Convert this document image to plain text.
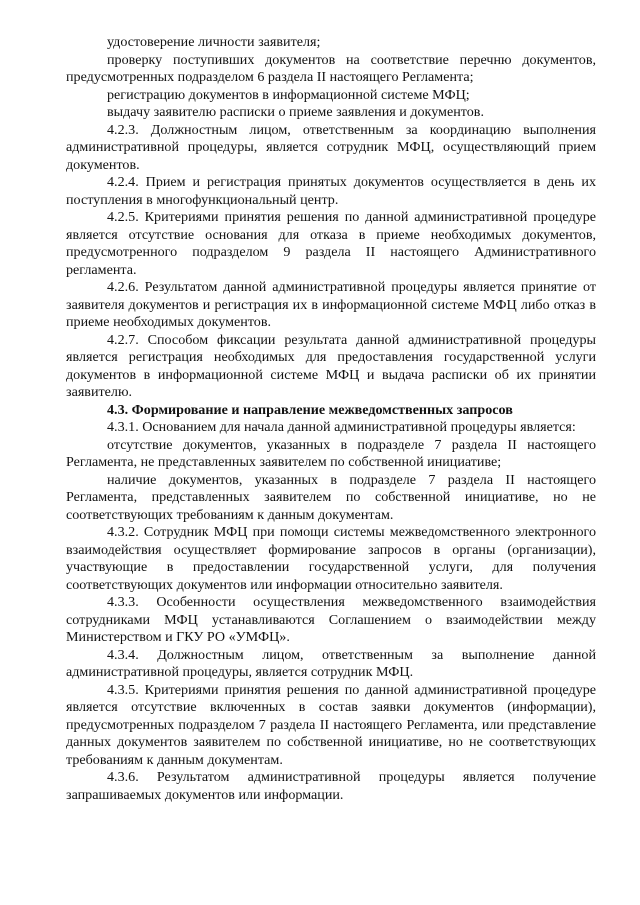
удостоверение личности заявителя;

проверку поступивших документов на соответствие перечню документов, предусмотренных подразделом 6 раздела II настоящего Регламента;

регистрацию документов в информационной системе МФЦ;

выдачу заявителю расписки о приеме заявления и документов.

4.2.3. Должностным лицом, ответственным за координацию выполнения административной процедуры, является сотрудник МФЦ, осуществляющий прием документов.

4.2.4. Прием и регистрация принятых документов осуществляется в день их поступления в многофункциональный центр.

4.2.5. Критериями принятия решения по данной административной процедуре является отсутствие основания для отказа в приеме необходимых документов, предусмотренного подразделом 9 раздела II настоящего Административного регламента.

4.2.6. Результатом данной административной процедуры является принятие от заявителя документов и регистрация их в информационной системе МФЦ либо отказ в приеме необходимых документов.

4.2.7. Способом фиксации результата данной административной процедуры является регистрация необходимых для предоставления государственной услуги документов в информационной системе МФЦ и выдача расписки об их принятии заявителю.

4.3. Формирование и направление межведомственных запросов

4.3.1. Основанием для начала данной административной процедуры является:

отсутствие документов, указанных в подразделе 7 раздела II настоящего Регламента, не представленных заявителем по собственной инициативе;

наличие документов, указанных в подразделе 7 раздела II настоящего Регламента, представленных заявителем по собственной инициативе, но не соответствующих требованиям к данным документам.

4.3.2. Сотрудник МФЦ при помощи системы межведомственного электронного взаимодействия осуществляет формирование запросов в органы (организации), участвующие в предоставлении государственной услуги, для получения соответствующих документов или информации относительно заявителя.

4.3.3. Особенности осуществления межведомственного взаимодействия сотрудниками МФЦ устанавливаются Соглашением о взаимодействии между Министерством и ГКУ РО «УМФЦ».

4.3.4. Должностным лицом, ответственным за выполнение данной административной процедуры, является сотрудник МФЦ.

4.3.5. Критериями принятия решения по данной административной процедуре является отсутствие включенных в состав заявки документов (информации), предусмотренных подразделом 7 раздела II настоящего Регламента, или представление данных документов заявителем по собственной инициативе, но не соответствующих требованиям к данным документам.

4.3.6. Результатом административной процедуры является получение запрашиваемых документов или информации.
